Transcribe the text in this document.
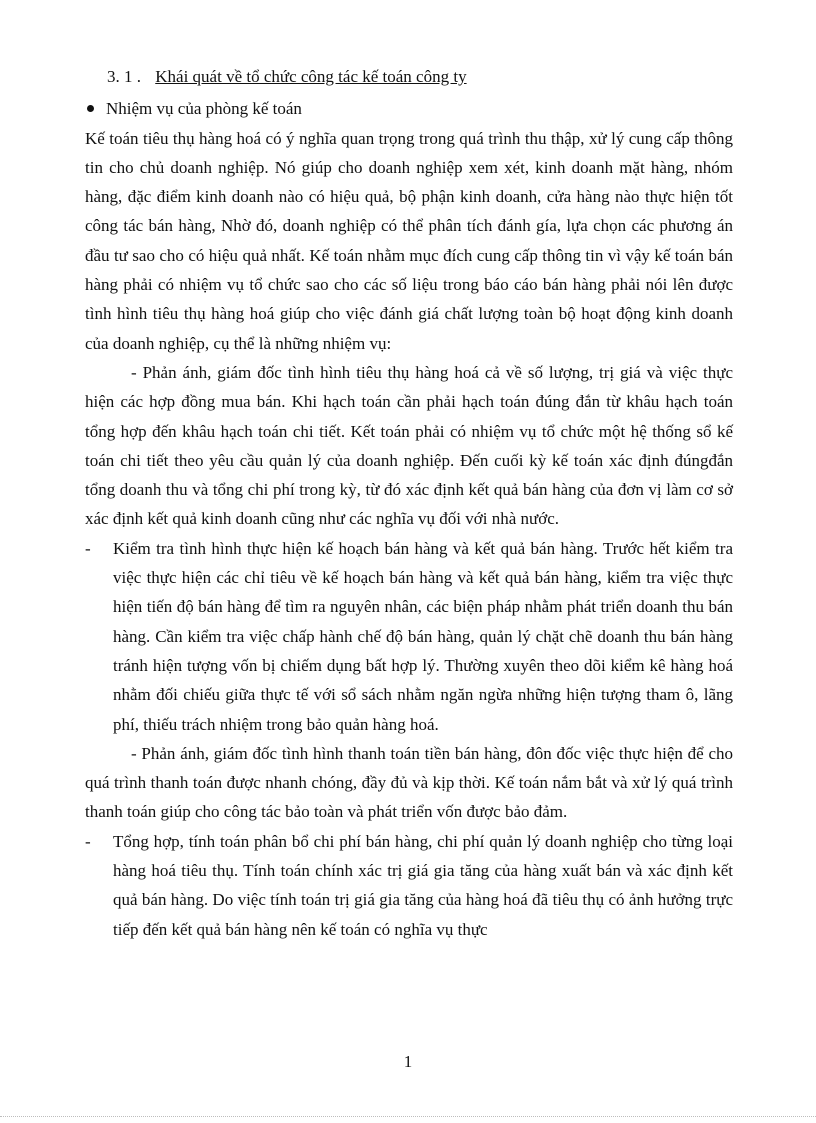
3. 1 . Khái quát về tổ chức công tác kế toán công ty
Nhiệm vụ của phòng kế toán

Kế toán tiêu thụ hàng hoá có ý nghĩa quan trọng trong quá trình thu thập, xử lý cung cấp thông tin cho chủ doanh nghiệp. Nó giúp cho doanh nghiệp xem xét, kinh doanh mặt hàng, nhóm hàng, đặc điểm kinh doanh nào có hiệu quả, bộ phận kinh doanh, cửa hàng nào thực hiện tốt công tác bán hàng, Nhờ đó, doanh nghiệp có thể phân tích đánh gía, lựa chọn các phương án đầu tư sao cho có hiệu quả nhất. Kế toán nhằm mục đích cung cấp thông tin vì vậy kế toán bán hàng phải có nhiệm vụ tổ chức sao cho các số liệu trong báo cáo bán hàng phải nói lên được tình hình tiêu thụ hàng hoá giúp cho việc đánh giá chất lượng toàn bộ hoạt động kinh doanh của doanh nghiệp, cụ thể là những nhiệm vụ:

- Phản ánh, giám đốc tình hình tiêu thụ hàng hoá cả về số lượng, trị giá và việc thực hiện các hợp đồng mua bán. Khi hạch toán cần phải hạch toán đúng đắn từ khâu hạch toán tổng hợp đến khâu hạch toán chi tiết. Kết toán phải có nhiệm vụ tổ chức một hệ thống sổ kế toán chi tiết theo yêu cầu quản lý của doanh nghiệp. Đến cuối kỳ kế toán xác định đúngđắn tổng doanh thu và tổng chi phí trong kỳ, từ đó xác định kết quả bán hàng của đơn vị làm cơ sở xác định kết quả kinh doanh cũng như các nghĩa vụ đối với nhà nước.

- Kiểm tra tình hình thực hiện kế hoạch bán hàng và kết quả bán hàng. Trước hết kiểm tra việc thực hiện các chỉ tiêu về kế hoạch bán hàng và kết quả bán hàng, kiểm tra việc thực hiện tiến độ bán hàng để tìm ra nguyên nhân, các biện pháp nhằm phát triển doanh thu bán hàng. Cần kiểm tra việc chấp hành chế độ bán hàng, quản lý chặt chẽ doanh thu bán hàng tránh hiện tượng vốn bị chiếm dụng bất hợp lý. Thường xuyên theo dõi kiểm kê hàng hoá nhằm đối chiếu giữa thực tế với sổ sách nhằm ngăn ngừa những hiện tượng tham ô, lãng phí, thiếu trách nhiệm trong bảo quản hàng hoá.

- Phản ánh, giám đốc tình hình thanh toán tiền bán hàng, đôn đốc việc thực hiện để cho quá trình thanh toán được nhanh chóng, đầy đủ và kịp thời. Kế toán nắm bắt và xử lý quá trình thanh toán giúp cho công tác bảo toàn và phát triển vốn được bảo đảm.

- Tổng hợp, tính toán phân bổ chi phí bán hàng, chi phí quản lý doanh nghiệp cho từng loại hàng hoá tiêu thụ. Tính toán chính xác trị giá gia tăng của hàng xuất bán và xác định kết quả bán hàng. Do việc tính toán trị giá gia tăng của hàng hoá đã tiêu thụ có ảnh hưởng trực tiếp đến kết quả bán hàng nên kế toán có nghĩa vụ thực

1
